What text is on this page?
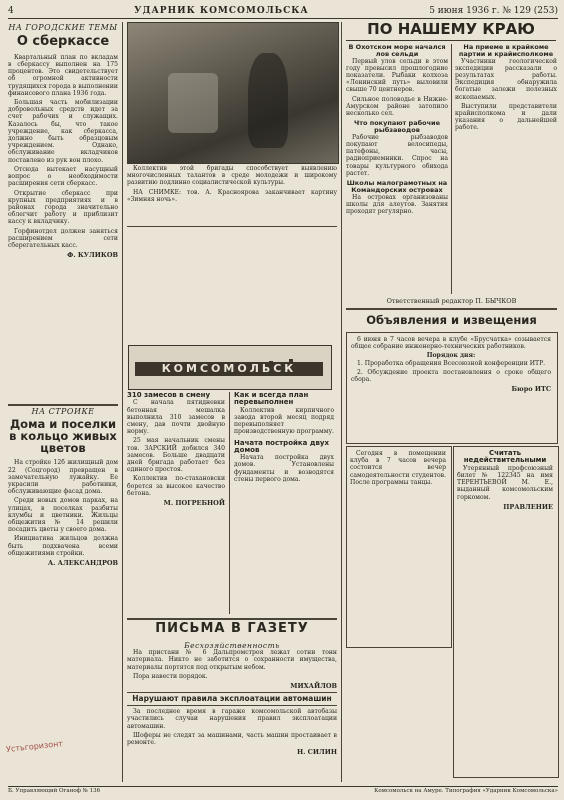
4	УДАРНИК КОМСОМОЛЬСКА	5 июня 1936 г. № 129 (253)
НА ГОРОДСКИЕ ТЕМЫ
О сберкассе

Квартальный план по вкладам в сберкассу выполнен на 175 процентов. Это свидетельствует об огромной активности трудящихся города в выполнении финансового плана 1936 года.

Большая часть мобилизации добровольных средств идет за счет рабочих и служащих. Казалось бы, что такое учреждение, как сберкасса, должно быть образцовым учреждением. Однако, обслуживание вкладчиков поставлено из рук вон плохо.

Отсюда вытекает насущный вопрос о необходимости расширения сети сберкасс.

Открытие сберкасс при крупных предприятиях и в районах города значительно облегчит работу и приблизит кассу к вкладчику.

Горфинотдел должен заняться расширением сети сберегательных касс.

Ф. КУЛИКОВ
НА СТРОЙКЕ
Дома и поселки в кольцо живых цветов

На стройке 12б жилищный дом 22 (Соцгород) превращен в замечательную лужайку. Ее украсили работники, обслуживающие фасад дома.

Среди новых домов парках, на улицах, в поселках разбиты клумбы и цветники. Жильцы общежития № 14 решили посадить цветы у своего дома.

Инициатива жильцов должна быть подхвачена всеми общежитиями стройки.

А. АЛЕКСАНДРОВ
Устьгоризонт

Коллектив этой бригады способствует выявлению многочисленных талантов в среде молодежи и широкому развитию подлинно социалистической культуры.

НА СНИМКЕ: тов. А. Красноярова заканчивает картину «Зимняя ночь».

КОМСОМОЛЬСК
310 замесов в смену

С начала пятидневки бетонная мешалка выполнила 310 замесов в смену, дав почти двойную норму.

25 мая начальник смены тов. ЗАРСКИЙ добился 340 замесов. Больше двадцати дней бригада работает без единого простоя.

Коллектив по-стахановски борется за высокое качество бетона.

М. ПОГРЕБНОЙ
Как и всегда план перевыполнен

Коллектив кирпичного завода второй месяц подряд перевыполняет производственную программу.

Начата постройка двух домов

Начата постройка двух домов. Установлены фундаменты и возводятся стены первого дома.

ПИСЬМА В ГАЗЕТУ
Бесхозяйственность

На пристани № 6 Дальпромстроя лежат сотни тонн материала. Никто не заботится о сохранности имущества, материалы портятся под открытым небом.

Пора навести порядок.

МИХАЙЛОВ
Нарушают правила эксплоатации автомашин

За последнее время в гараже комсомольской автобазы участились случаи нарушения правил эксплоатации автомашин.

Шоферы не следят за машинами, часть машин простаивает в ремонте.

Н. СИЛИН
ПО НАШЕМУ КРАЮ
В Охотском море начался лов сельди

Первый улов сельди в этом году превысил прошлогодние показатели. Рыбаки колхоза «Ленинский путь» выловили свыше 70 центнеров.

Сильное половодье в Нижне-Амурском районе затопило несколько сел.

Что покупают рабочие рыбзаводов

Рабочие рыбзаводов покупают велосипеды, патефоны, часы, радиоприемники. Спрос на товары культурного обихода растет.

Школы малограмотных на Командорских островах

На островах организованы школы для алеутов. Занятия проходят регулярно.

На приеме в крайкоме партии и крайисполкоме

Участники геологической экспедиции рассказали о результатах работы. Экспедиция обнаружила богатые залежи полезных ископаемых.

Выступили представители крайисполкома и дали указания о дальнейшей работе.

Ответственный редактор П. БЫЧКОВ
Объявления и извещения

6 июня в 7 часов вечера в клубе «Брусчатка» созывается общее собрание инженерно-технических работников.

Порядок дня:

1. Проработка обращения Всесоюзной конференции ИТР.

2. Обсуждение проекта постановления о сроке общего сбора.

Бюро ИТС

Сегодня в помещении клуба в 7 часов вечера состоится вечер самодеятельности студентов. После программы танцы.

Считать недействительными

Утерянный профсоюзный билет № 122345 на имя ТЕРЕНТЬЕВОЙ М. Е., выданный комсомольским горкомом.

ПРАВЛЕНИЕ
Б. Управляющий Оганоф № 136	Комсомольск на Амуре. Типография «Ударник Комсомольска»
